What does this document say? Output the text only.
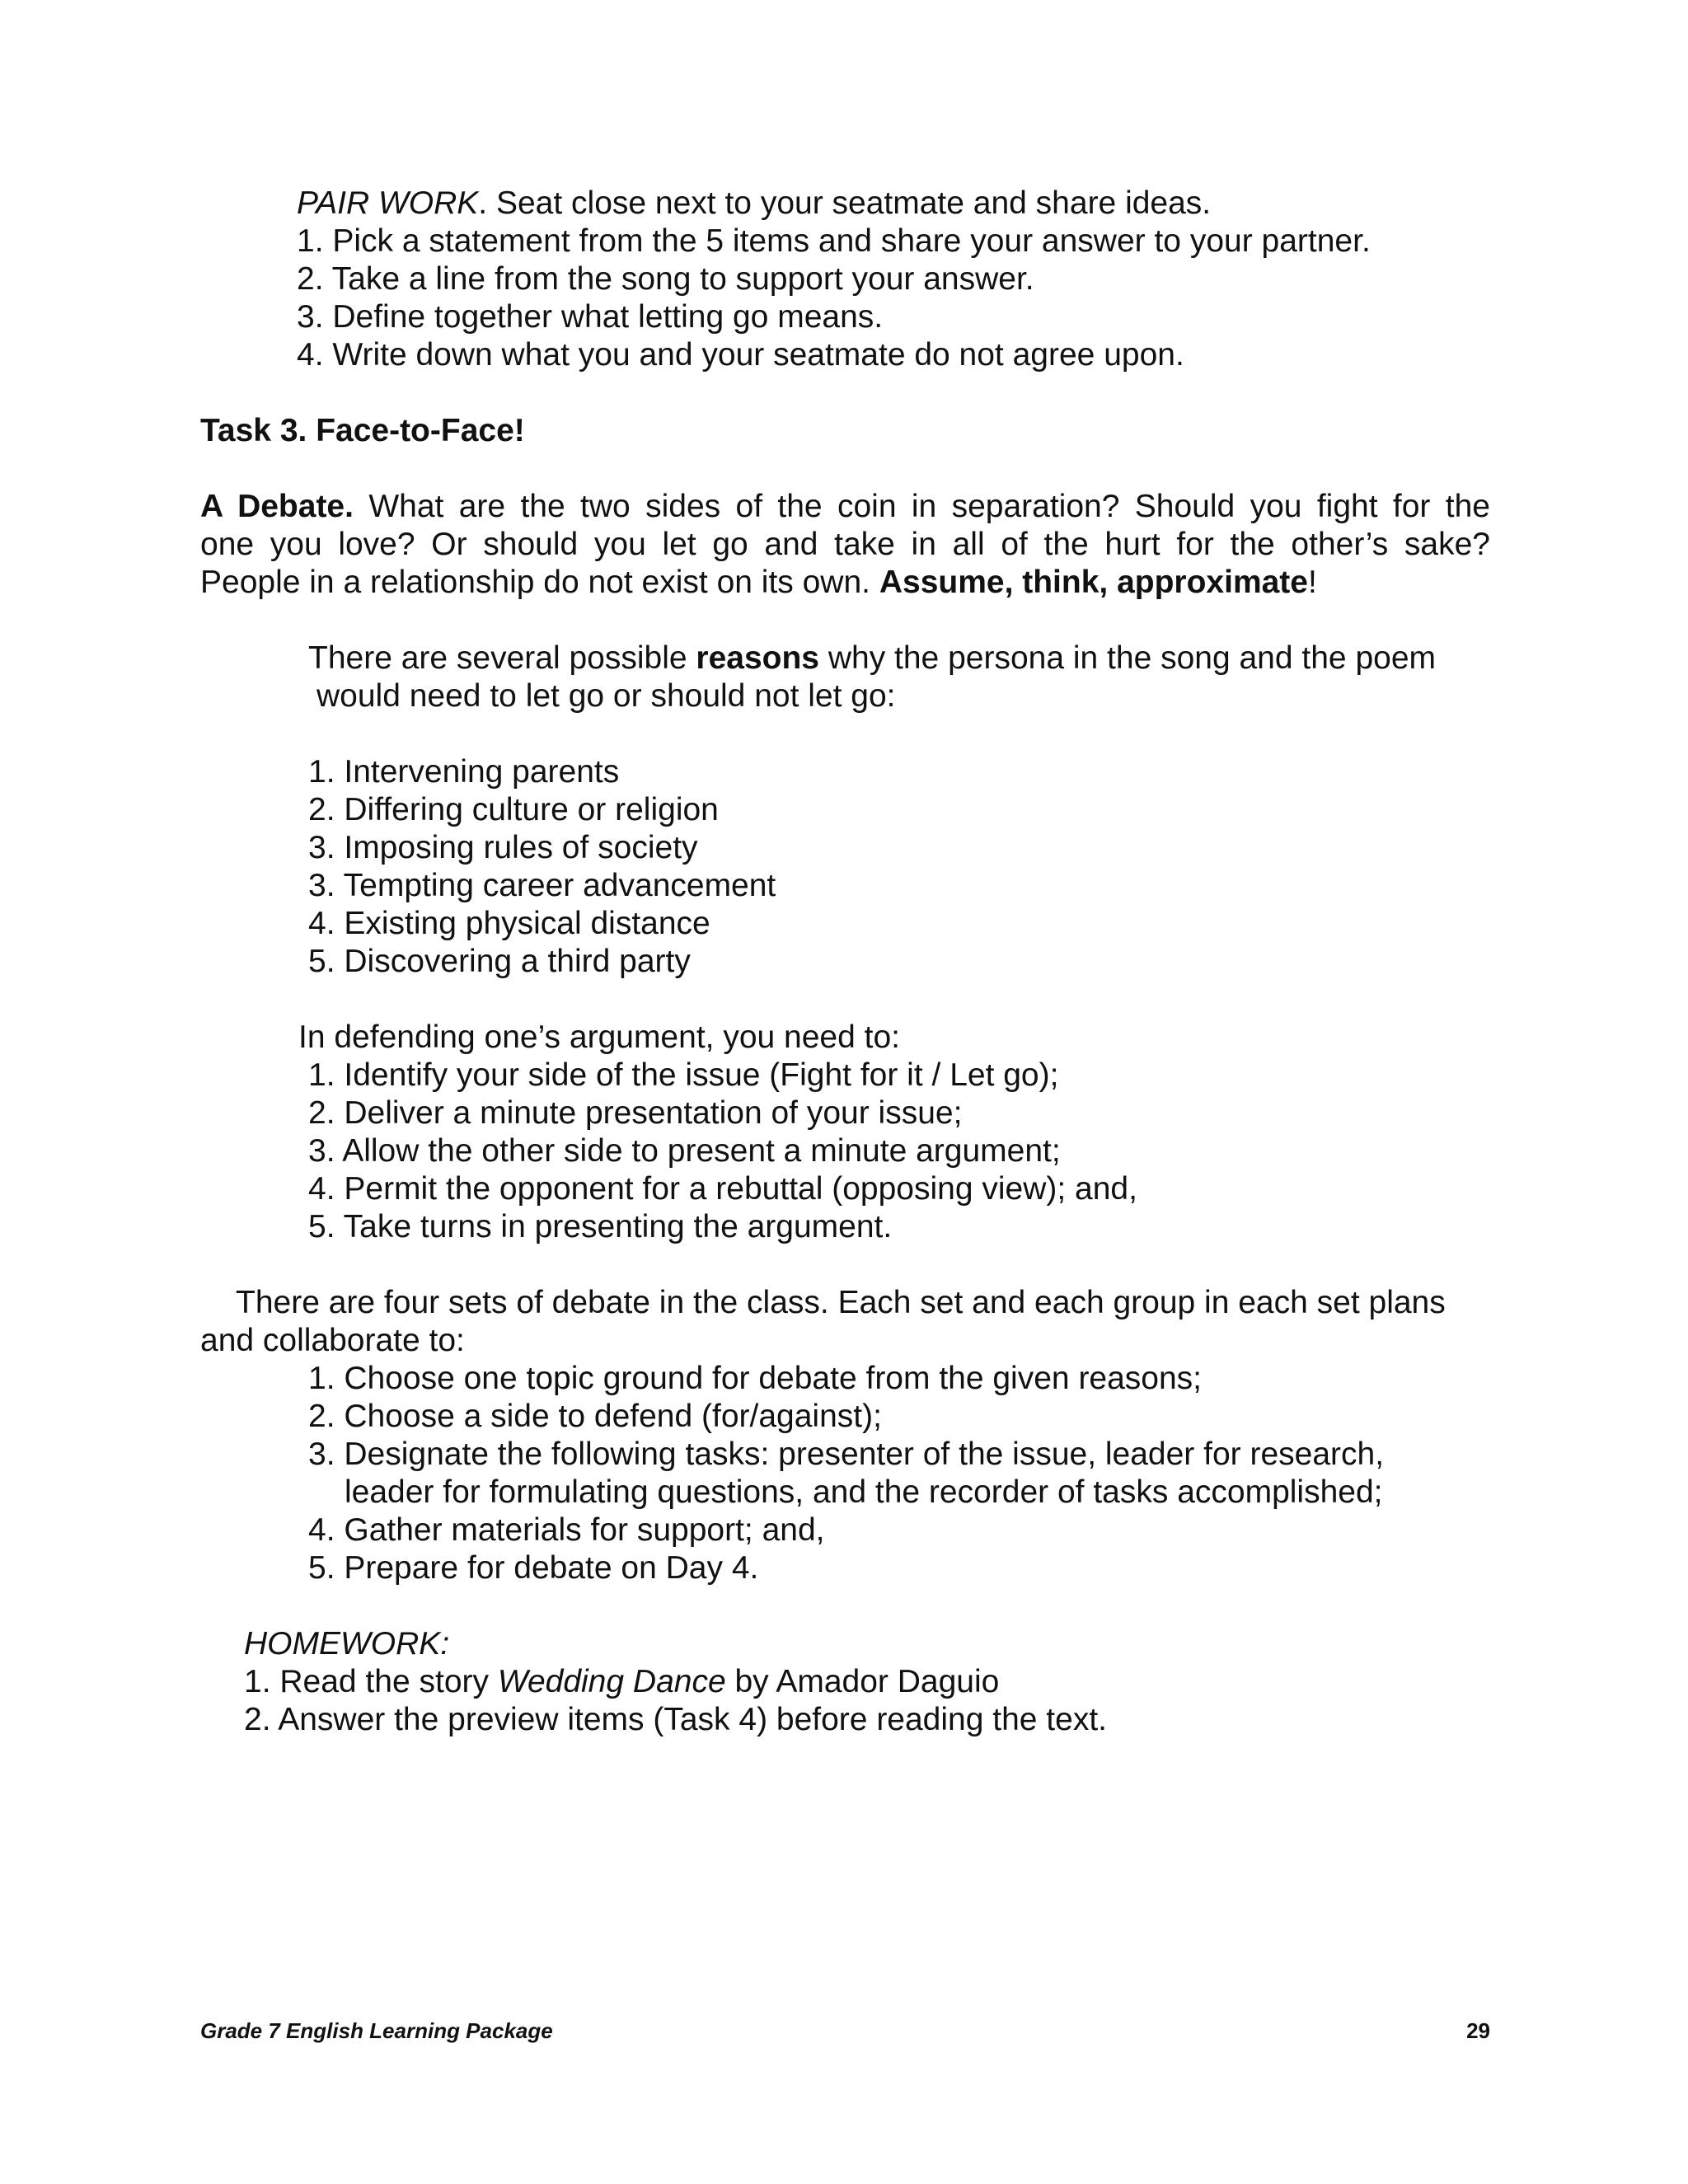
PAIR WORK. Seat close next to your seatmate and share ideas.
1. Pick a statement from the 5 items and share your answer to your partner.
2. Take a line from the song to support your answer.
3. Define together what letting go means.
4. Write down what you and your seatmate do not agree upon.
Task 3. Face-to-Face!
A Debate. What are the two sides of the coin in separation? Should you fight for the
one you love? Or should you let go and take in all of the hurt for the other’s sake?
People in a relationship do not exist on its own. Assume, think, approximate!
There are several possible reasons why the persona in the song and the poem
would need to let go or should not let go:
1. Intervening parents
2. Differing culture or religion
3. Imposing rules of society
3. Tempting career advancement
4. Existing physical distance
5. Discovering a third party
In defending one’s argument, you need to:
1. Identify your side of the issue (Fight for it / Let go);
2. Deliver a minute presentation of your issue;
3. Allow the other side to present a minute argument;
4. Permit the opponent for a rebuttal (opposing view); and,
5. Take turns in presenting the argument.
There are four sets of debate in the class. Each set and each group in each set plans
and collaborate to:
1. Choose one topic ground for debate from the given reasons;
2. Choose a side to defend (for/against);
3. Designate the following tasks: presenter of the issue, leader for research,
leader for formulating questions, and the recorder of tasks accomplished;
4. Gather materials for support; and,
5. Prepare for debate on Day 4.
HOMEWORK:
1. Read the story Wedding Dance by Amador Daguio
2. Answer the preview items (Task 4) before reading the text.
Grade 7 English Learning Package	29
